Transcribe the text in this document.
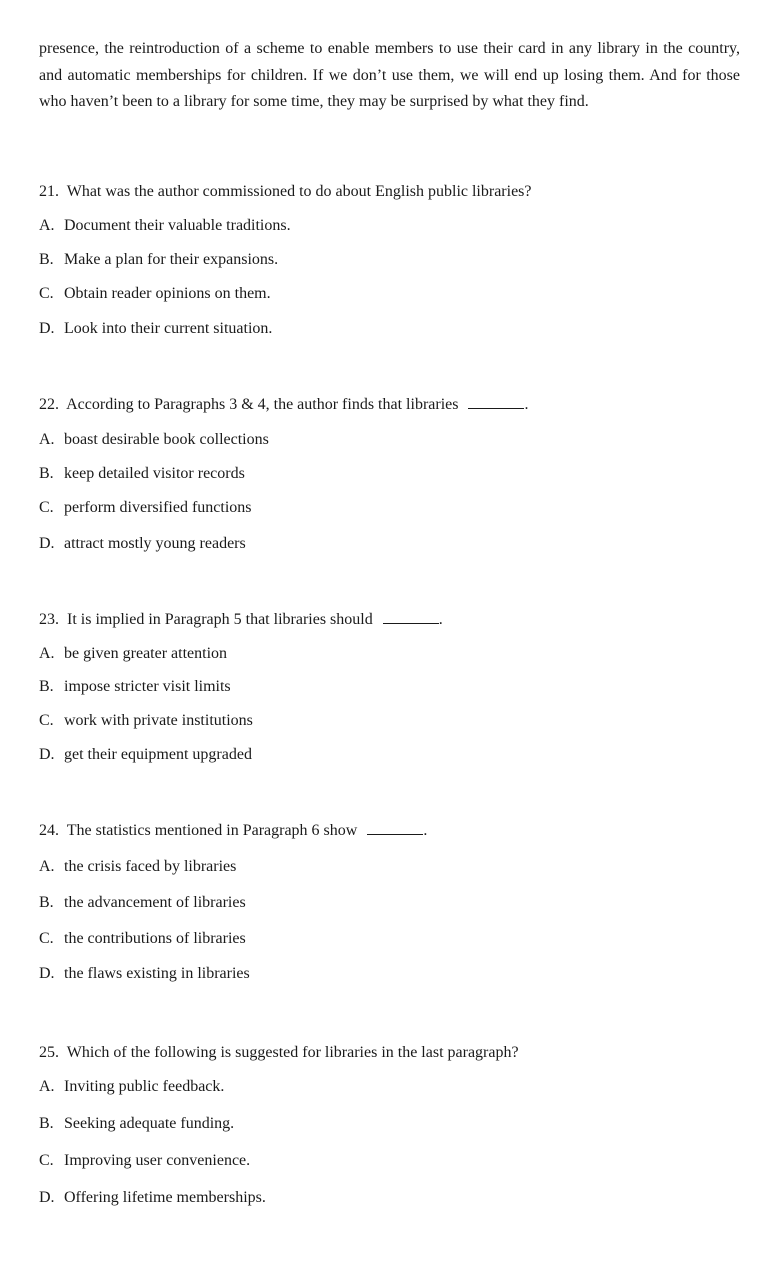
presence, the reintroduction of a scheme to enable members to use their card in any library in the country, and automatic memberships for children. If we don’t use them, we will end up losing them. And for those who haven’t been to a library for some time, they may be surprised by what they find.

21. What was the author commissioned to do about English public libraries?
A. Document their valuable traditions.
B. Make a plan for their expansions.
C. Obtain reader opinions on them.
D. Look into their current situation.
22. According to Paragraphs 3 & 4, the author finds that libraries	.
A. boast desirable book collections
B. keep detailed visitor records
C. perform diversified functions
D. attract mostly young readers
23. It is implied in Paragraph 5 that libraries should	.
A. be given greater attention
B. impose stricter visit limits
C. work with private institutions
D. get their equipment upgraded
24. The statistics mentioned in Paragraph 6 show	.
A. the crisis faced by libraries
B. the advancement of libraries
C. the contributions of libraries
D. the flaws existing in libraries
25. Which of the following is suggested for libraries in the last paragraph?
A. Inviting public feedback.
B. Seeking adequate funding.
C. Improving user convenience.
D. Offering lifetime memberships.
